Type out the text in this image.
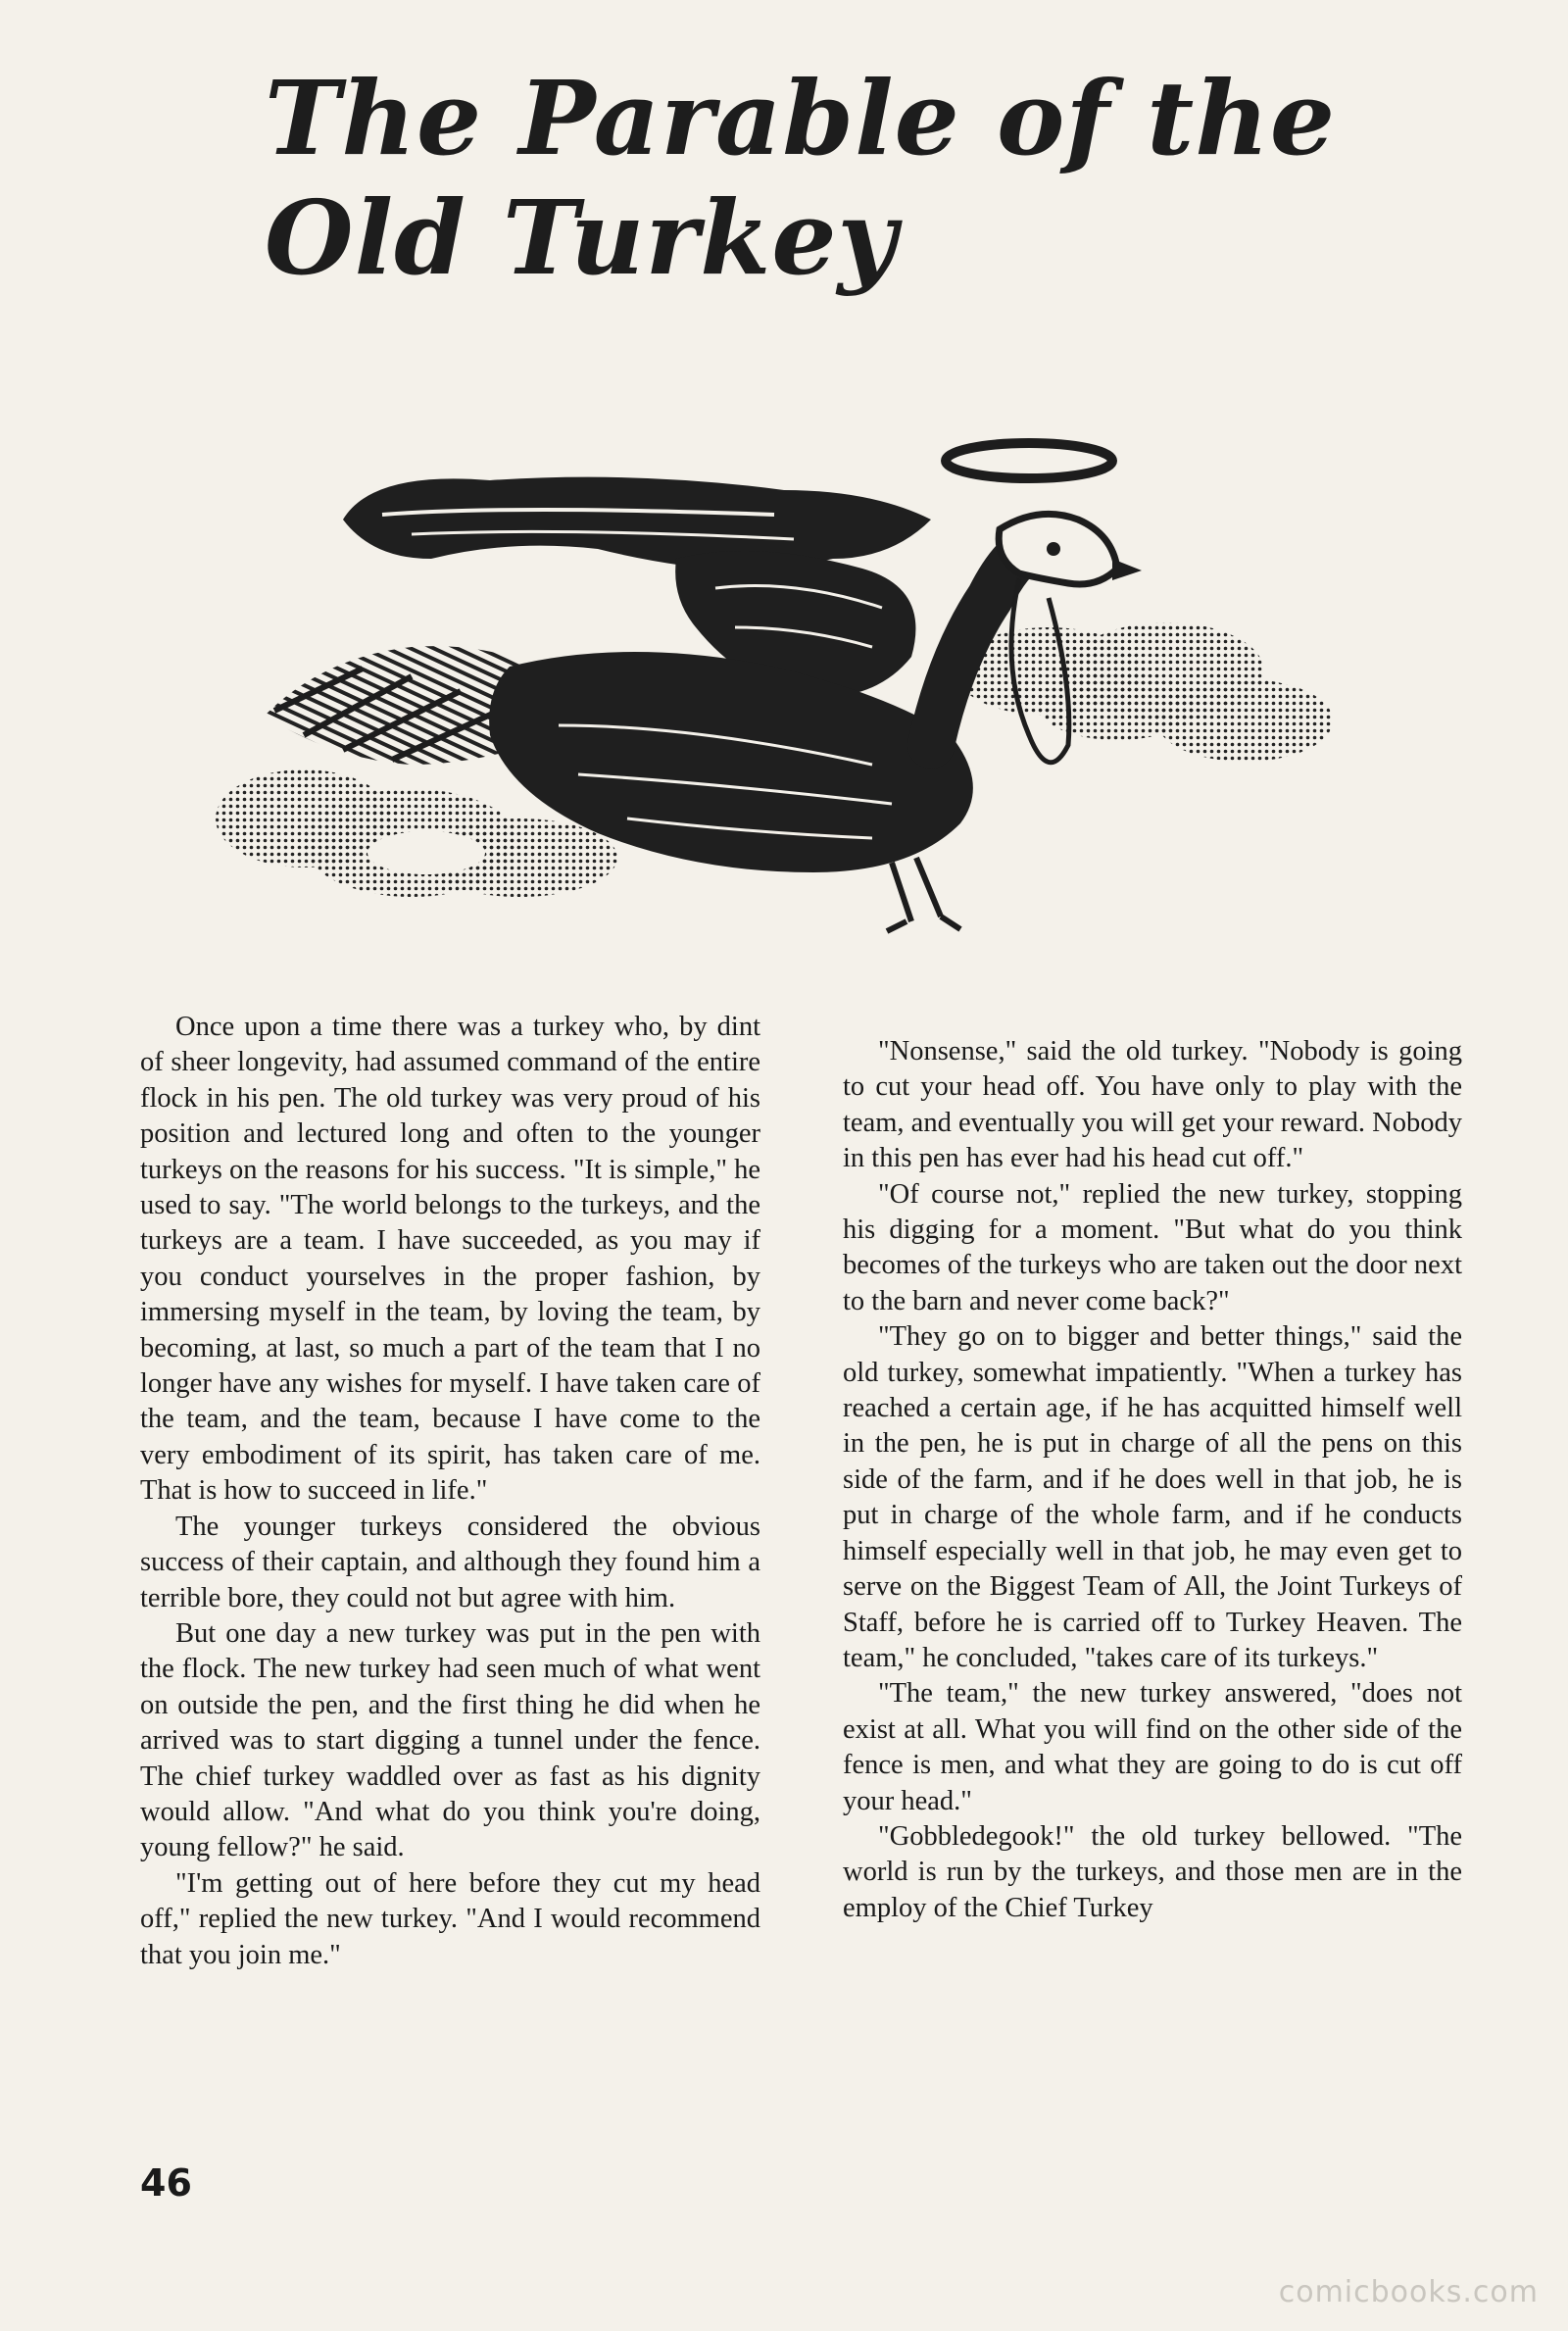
The Parable of the
Old Turkey

Once upon a time there was a turkey who, by dint of sheer longevity, had assumed command of the entire flock in his pen. The old turkey was very proud of his position and lectured long and often to the younger turkeys on the reasons for his success. "It is simple," he used to say. "The world belongs to the turkeys, and the turkeys are a team. I have succeeded, as you may if you conduct yourselves in the proper fashion, by immersing myself in the team, by loving the team, by becoming, at last, so much a part of the team that I no longer have any wishes for myself. I have taken care of the team, and the team, because I have come to the very embodiment of its spirit, has taken care of me. That is how to succeed in life."

The younger turkeys considered the obvious success of their captain, and although they found him a terrible bore, they could not but agree with him.

But one day a new turkey was put in the pen with the flock. The new turkey had seen much of what went on outside the pen, and the first thing he did when he arrived was to start digging a tunnel under the fence. The chief turkey waddled over as fast as his dignity would allow. "And what do you think you're doing, young fellow?" he said.

"I'm getting out of here before they cut my head off," replied the new turkey. "And I would recommend that you join me."

"Nonsense," said the old turkey. "Nobody is going to cut your head off. You have only to play with the team, and eventually you will get your reward. Nobody in this pen has ever had his head cut off."

"Of course not," replied the new turkey, stopping his digging for a moment. "But what do you think becomes of the turkeys who are taken out the door next to the barn and never come back?"

"They go on to bigger and better things," said the old turkey, somewhat impatiently. "When a turkey has reached a certain age, if he has acquitted himself well in the pen, he is put in charge of all the pens on this side of the farm, and if he does well in that job, he is put in charge of the whole farm, and if he conducts himself especially well in that job, he may even get to serve on the Biggest Team of All, the Joint Turkeys of Staff, before he is carried off to Turkey Heaven. The team," he concluded, "takes care of its turkeys."

"The team," the new turkey answered, "does not exist at all. What you will find on the other side of the fence is men, and what they are going to do is cut off your head."

"Gobbledegook!" the old turkey bellowed. "The world is run by the turkeys, and those men are in the employ of the Chief Turkey

46
comicbooks.com
